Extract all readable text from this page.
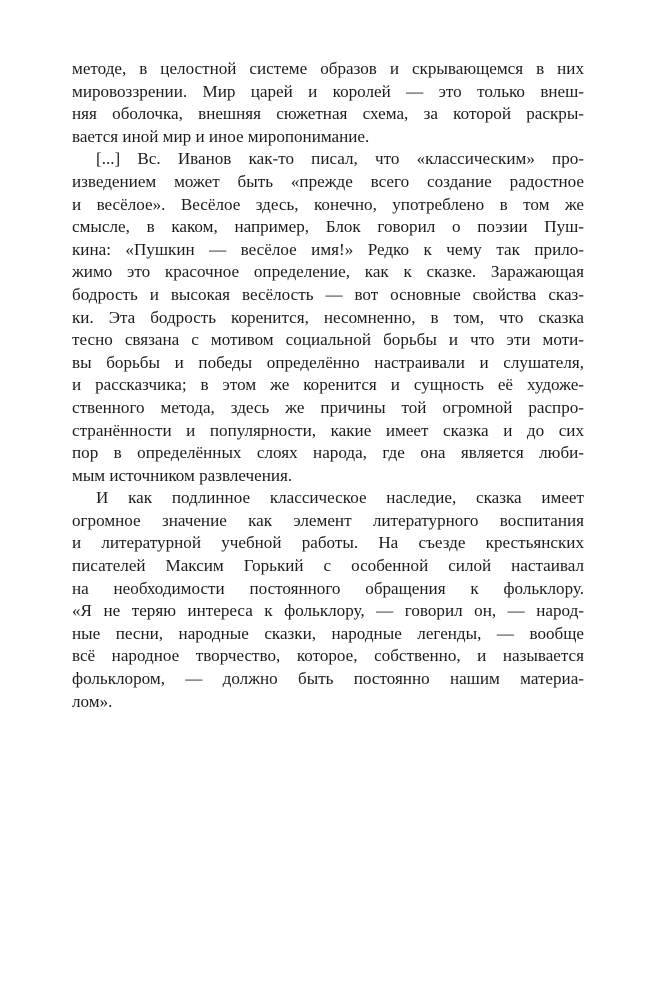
методе, в целостной системе образов и скрывающемся в них
мировоззрении. Мир царей и королей — это только внеш-
няя оболочка, внешняя сюжетная схема, за которой раскры-
вается иной мир и иное миропонимание.
[...] Вс. Иванов как-то писал, что «классическим» про-
изведением может быть «прежде всего создание радостное
и весёлое». Весёлое здесь, конечно, употреблено в том же
смысле, в каком, например, Блок говорил о поэзии Пуш-
кина: «Пушкин — весёлое имя!» Редко к чему так прило-
жимо это красочное определение, как к сказке. Заражающая
бодрость и высокая весёлость — вот основные свойства сказ-
ки. Эта бодрость коренится, несомненно, в том, что сказка
тесно связана с мотивом социальной борьбы и что эти моти-
вы борьбы и победы определённо настраивали и слушателя,
и рассказчика; в этом же коренится и сущность её художе-
ственного метода, здесь же причины той огромной распро-
странённости и популярности, какие имеет сказка и до сих
пор в определённых слоях народа, где она является люби-
мым источником развлечения.
И как подлинное классическое наследие, сказка имеет
огромное значение как элемент литературного воспитания
и литературной учебной работы. На съезде крестьянских
писателей Максим Горький с особенной силой настаивал
на необходимости постоянного обращения к фольклору.
«Я не теряю интереса к фольклору, — говорил он, — народ-
ные песни, народные сказки, народные легенды, — вообще
всё народное творчество, которое, собственно, и называется
фольклором, — должно быть постоянно нашим материа-
лом».
